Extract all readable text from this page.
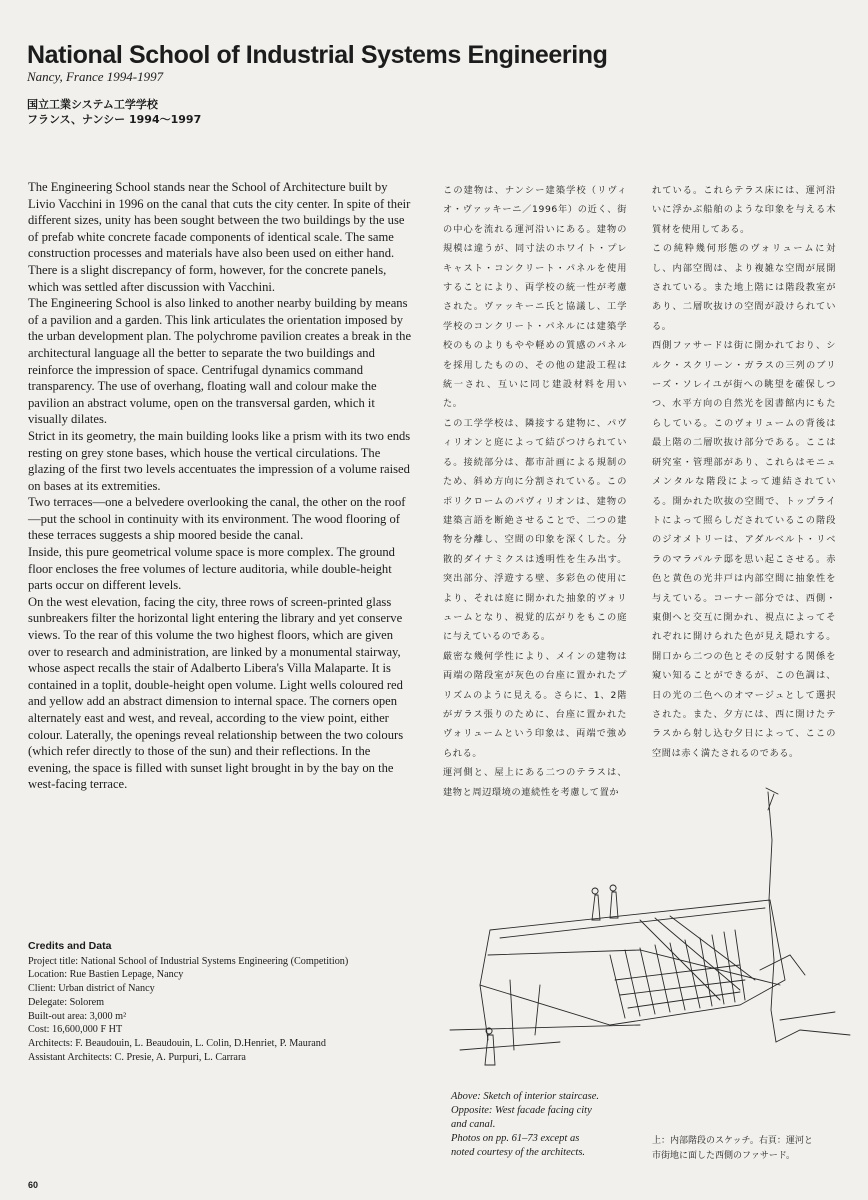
National School of Industrial Systems Engineering
Nancy, France 1994-1997
国立工業システム工学学校
フランス、ナンシー 1994〜1997

The Engineering School stands near the School of Architecture built by Livio Vacchini in 1996 on the canal that cuts the city center. In spite of their different sizes, unity has been sought between the two buildings by the use of prefab white concrete facade components of identical scale. The same construction processes and materials have also been used on either hand. There is a slight discrepancy of form, however, for the concrete panels, which was settled after discussion with Vacchini.

The Engineering School is also linked to another nearby building by means of a pavilion and a garden. This link articulates the orientation imposed by the urban development plan. The polychrome pavilion creates a break in the architectural language all the better to separate the two buildings and reinforce the impression of space. Centrifugal dynamics command transparency. The use of overhang, floating wall and colour make the pavilion an abstract volume, open on the transversal garden, which it visually dilates.

Strict in its geometry, the main building looks like a prism with its two ends resting on grey stone bases, which house the vertical circulations. The glazing of the first two levels accentuates the impression of a volume raised on bases at its extremities.

Two terraces—one a belvedere overlooking the canal, the other on the roof—put the school in continuity with its environment. The wood flooring of these terraces suggests a ship moored beside the canal.

Inside, this pure geometrical volume space is more complex. The ground floor encloses the free volumes of lecture auditoria, while double-height parts occur on different levels.

On the west elevation, facing the city, three rows of screen-printed glass sunbreakers filter the horizontal light entering the library and yet conserve views. To the rear of this volume the two highest floors, which are given over to research and administration, are linked by a monumental stairway, whose aspect recalls the stair of Adalberto Libera's Villa Malaparte. It is contained in a toplit, double-height open volume. Light wells coloured red and yellow add an abstract dimension to internal space. The corners open alternately east and west, and reveal, according to the view point, either colour. Laterally, the openings reveal relationship between the two colours (which refer directly to those of the sun) and their reflections. In the evening, the space is filled with sunset light brought in by the bay on the west-facing terrace.

Credits and Data
Project title: National School of Industrial Systems Engineering (Competition)
Location: Rue Bastien Lepage, Nancy
Client: Urban district of Nancy
Delegate: Solorem
Built-out area: 3,000 m²
Cost: 16,600,000 F HT
Architects: F. Beaudouin, L. Beaudouin, L. Colin, D.Henriet, P. Maurand
Assistant Architects: C. Presie, A. Purpuri, L. Carrara

この建物は、ナンシー建築学校（リヴィオ・ヴァッキーニ／1996年）の近く、街の中心を流れる運河沿いにある。建物の規模は違うが、同寸法のホワイト・プレキャスト・コンクリート・パネルを使用することにより、両学校の統一性が考慮された。ヴァッキーニ氏と協議し、工学学校のコンクリート・パネルには建築学校のものよりもやや軽めの質感のパネルを採用したものの、その他の建設工程は統一され、互いに同じ建設材料を用いた。

この工学学校は、隣接する建物に、パヴィリオンと庭によって結びつけられている。接続部分は、都市計画による規制のため、斜め方向に分割されている。このポリクロームのパヴィリオンは、建物の建築言語を断絶させることで、二つの建物を分離し、空間の印象を深くした。分散的ダイナミクスは透明性を生み出す。突出部分、浮遊する壁、多彩色の使用により、それは庭に開かれた抽象的ヴォリュームとなり、視覚的広がりをもこの庭に与えているのである。

厳密な幾何学性により、メインの建物は両端の階段室が灰色の台座に置かれたプリズムのように見える。さらに、1、2階がガラス張りのために、台座に置かれたヴォリュームという印象は、両端で強められる。

運河側と、屋上にある二つのテラスは、建物と周辺環境の連続性を考慮して置か

れている。これらテラス床には、運河沿いに浮かぶ船舶のような印象を与える木質材を使用してある。

この純粋幾何形態のヴォリュームに対し、内部空間は、より複雑な空間が展開されている。また地上階には階段教室があり、二層吹抜けの空間が設けられている。

西側ファサードは街に開かれており、シルク・スクリーン・ガラスの三列のブリーズ・ソレイユが街への眺望を確保しつつ、水平方向の自然光を図書館内にもたらしている。このヴォリュームの背後は最上階の二層吹抜け部分である。ここは研究室・管理部があり、これらはモニュメンタルな階段によって連結されている。開かれた吹抜の空間で、トップライトによって照らしだされているこの階段のジオメトリーは、アダルベルト・リベラのマラパルテ邸を思い起こさせる。赤色と黄色の光井戸は内部空間に抽象性を与えている。コーナー部分では、西側・東側へと交互に開かれ、視点によってそれぞれに開けられた色が見え隠れする。開口から二つの色とその反射する関係を窺い知ることができるが、この色調は、日の光の二色へのオマージュとして選択された。また、夕方には、西に開けたテラスから射し込む夕日によって、ここの空間は赤く満たされるのである。

Above: Sketch of interior staircase.
Opposite: West facade facing city
and canal.
Photos on pp. 61–73 except as
noted courtesy of the architects.
上：内部階段のスケッチ。右頁：運河と
市街地に面した西側のファサード。
60
